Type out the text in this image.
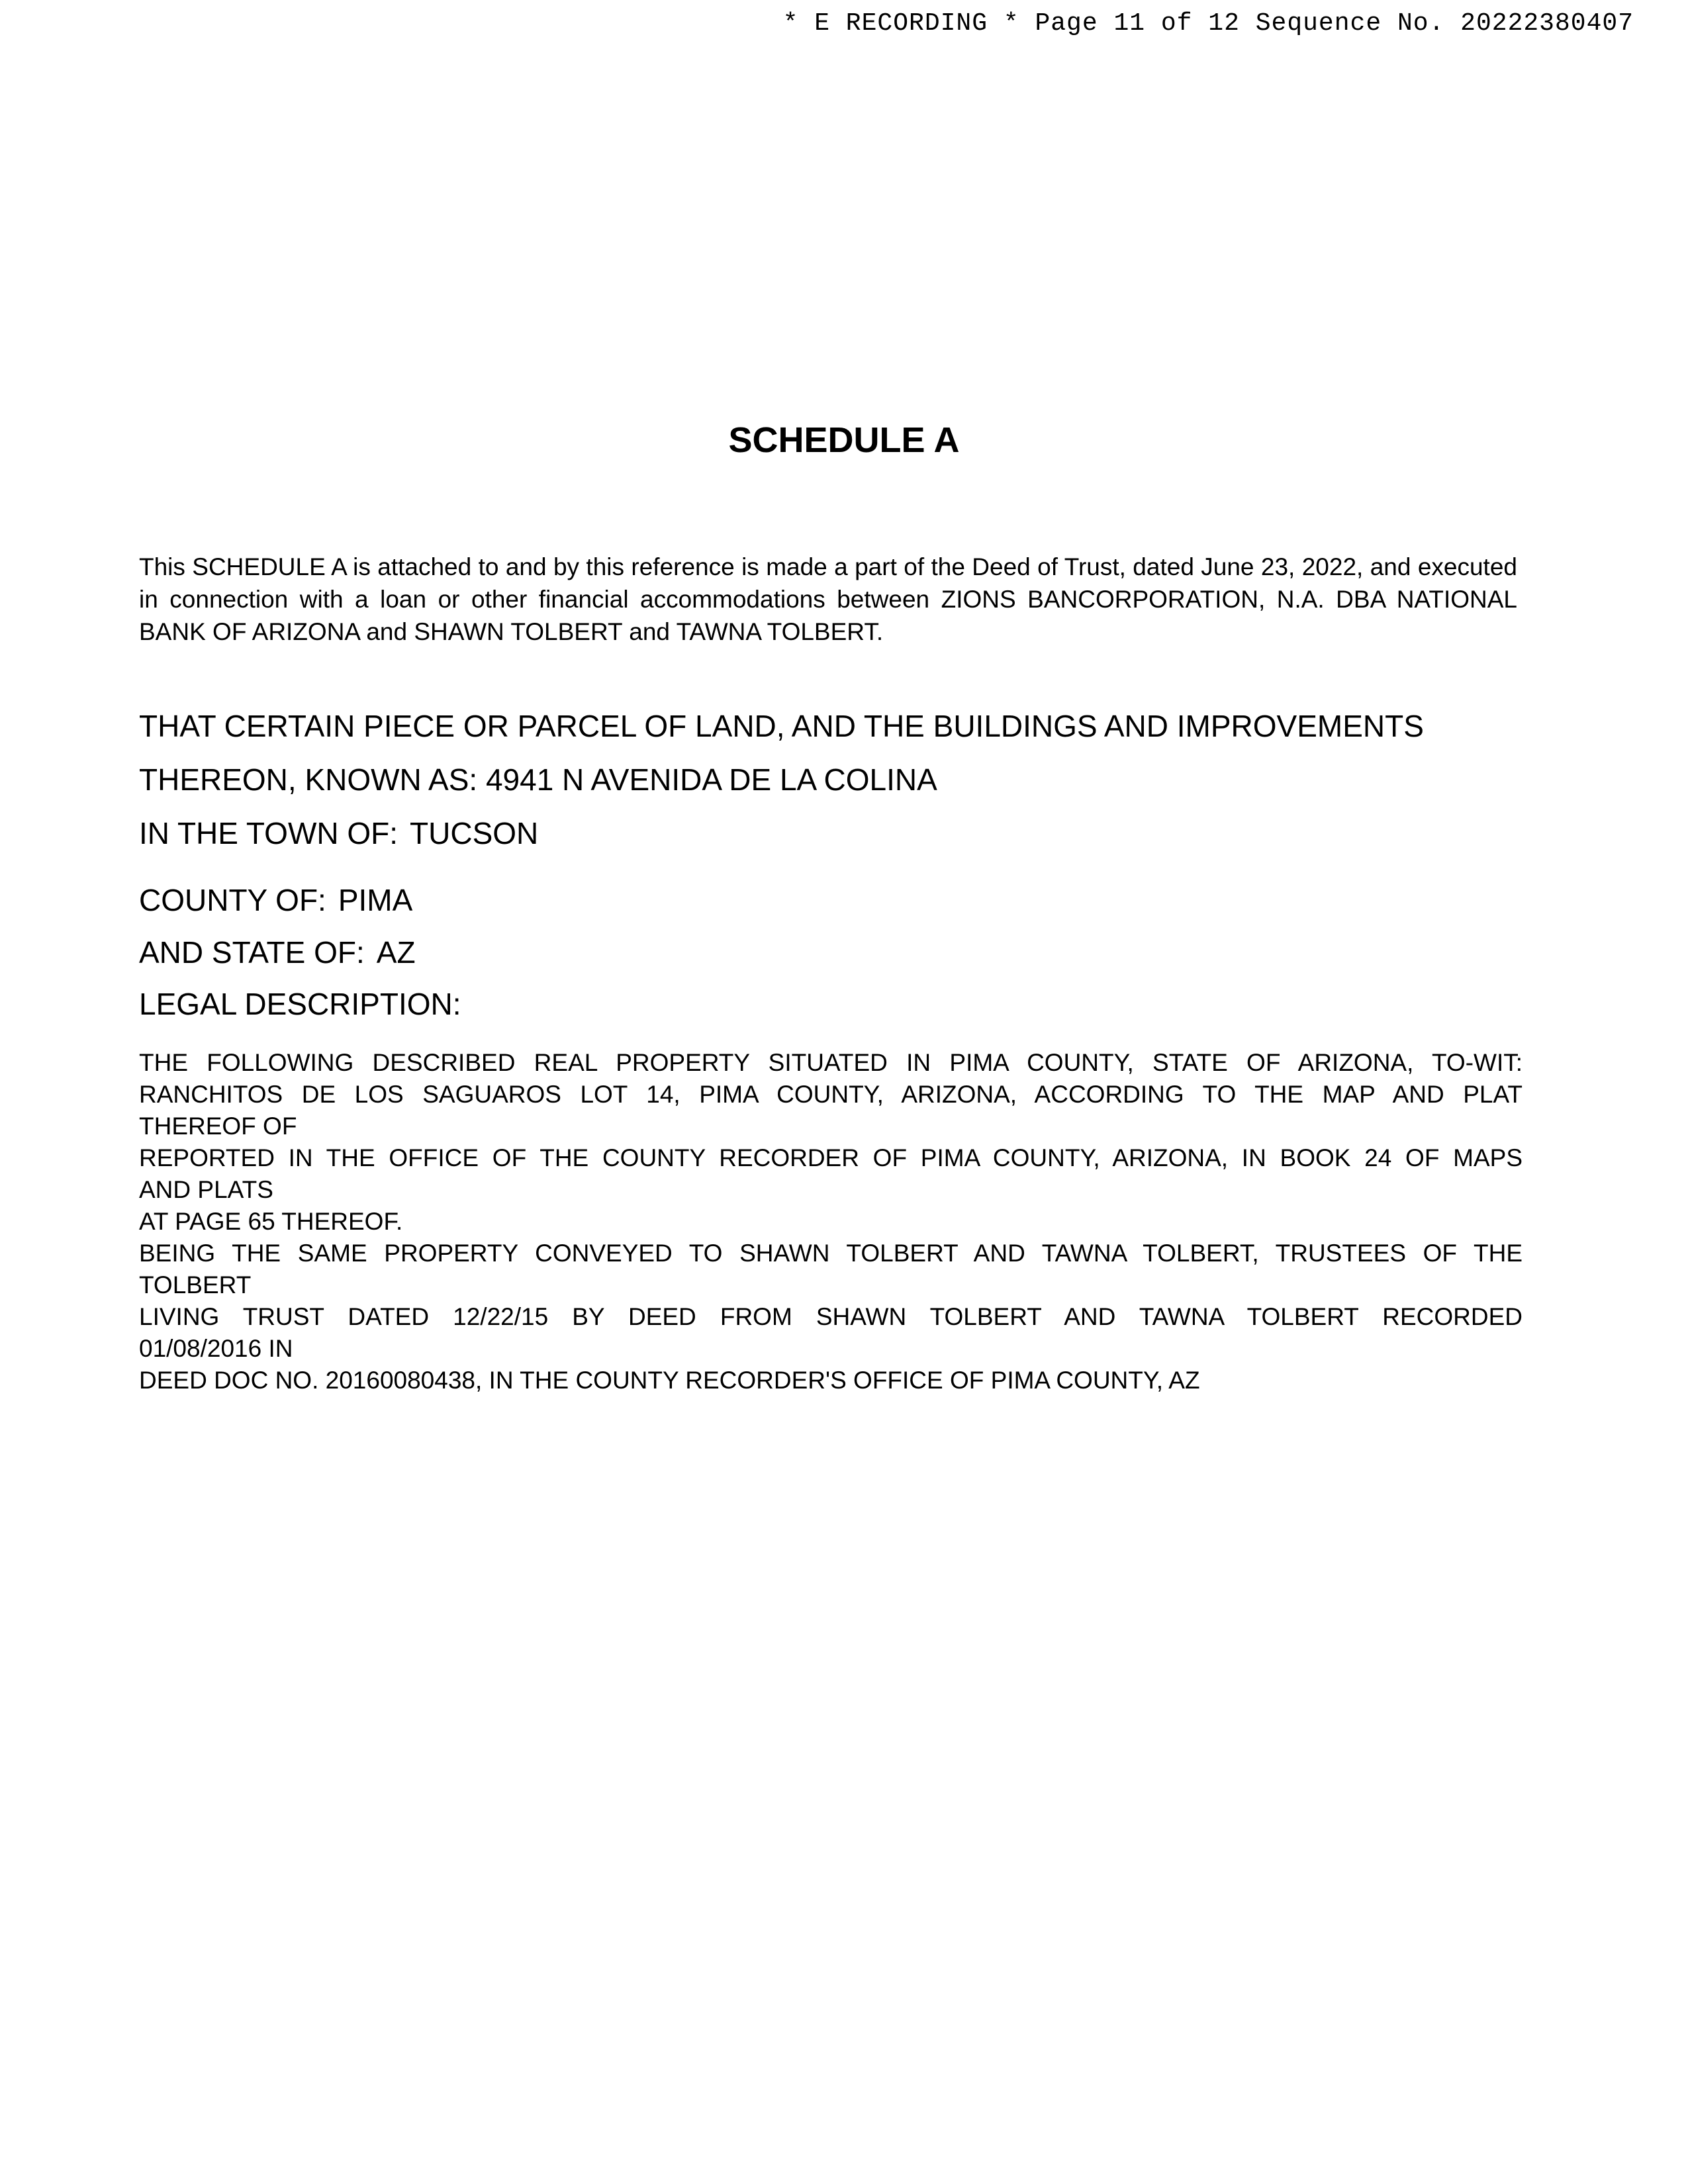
* E RECORDING * Page 11 of 12 Sequence No. 20222380407
SCHEDULE A

This SCHEDULE A is attached to and by this reference is made a part of the Deed of Trust, dated June 23, 2022, and executed in connection with a loan or other financial accommodations between ZIONS BANCORPORATION, N.A. DBA NATIONAL BANK OF ARIZONA and SHAWN TOLBERT and TAWNA TOLBERT.

THAT CERTAIN PIECE OR PARCEL OF LAND, AND THE BUILDINGS AND IMPROVEMENTS

THEREON, KNOWN AS: 4941 N AVENIDA DE LA COLINA

IN THE TOWN OF: TUCSON

COUNTY OF: PIMA

AND STATE OF: AZ

LEGAL DESCRIPTION:

THE FOLLOWING DESCRIBED REAL PROPERTY SITUATED IN PIMA COUNTY, STATE OF ARIZONA, TO-WIT:
RANCHITOS DE LOS SAGUAROS LOT 14, PIMA COUNTY, ARIZONA, ACCORDING TO THE MAP AND PLAT
THEREOF OF
REPORTED IN THE OFFICE OF THE COUNTY RECORDER OF PIMA COUNTY, ARIZONA, IN BOOK 24 OF MAPS
AND PLATS
AT PAGE 65 THEREOF.
BEING THE SAME PROPERTY CONVEYED TO SHAWN TOLBERT AND TAWNA TOLBERT, TRUSTEES OF THE
TOLBERT
LIVING TRUST DATED 12/22/15 BY DEED FROM SHAWN TOLBERT AND TAWNA TOLBERT RECORDED
01/08/2016 IN
DEED DOC NO. 20160080438, IN THE COUNTY RECORDER'S OFFICE OF PIMA COUNTY, AZ
